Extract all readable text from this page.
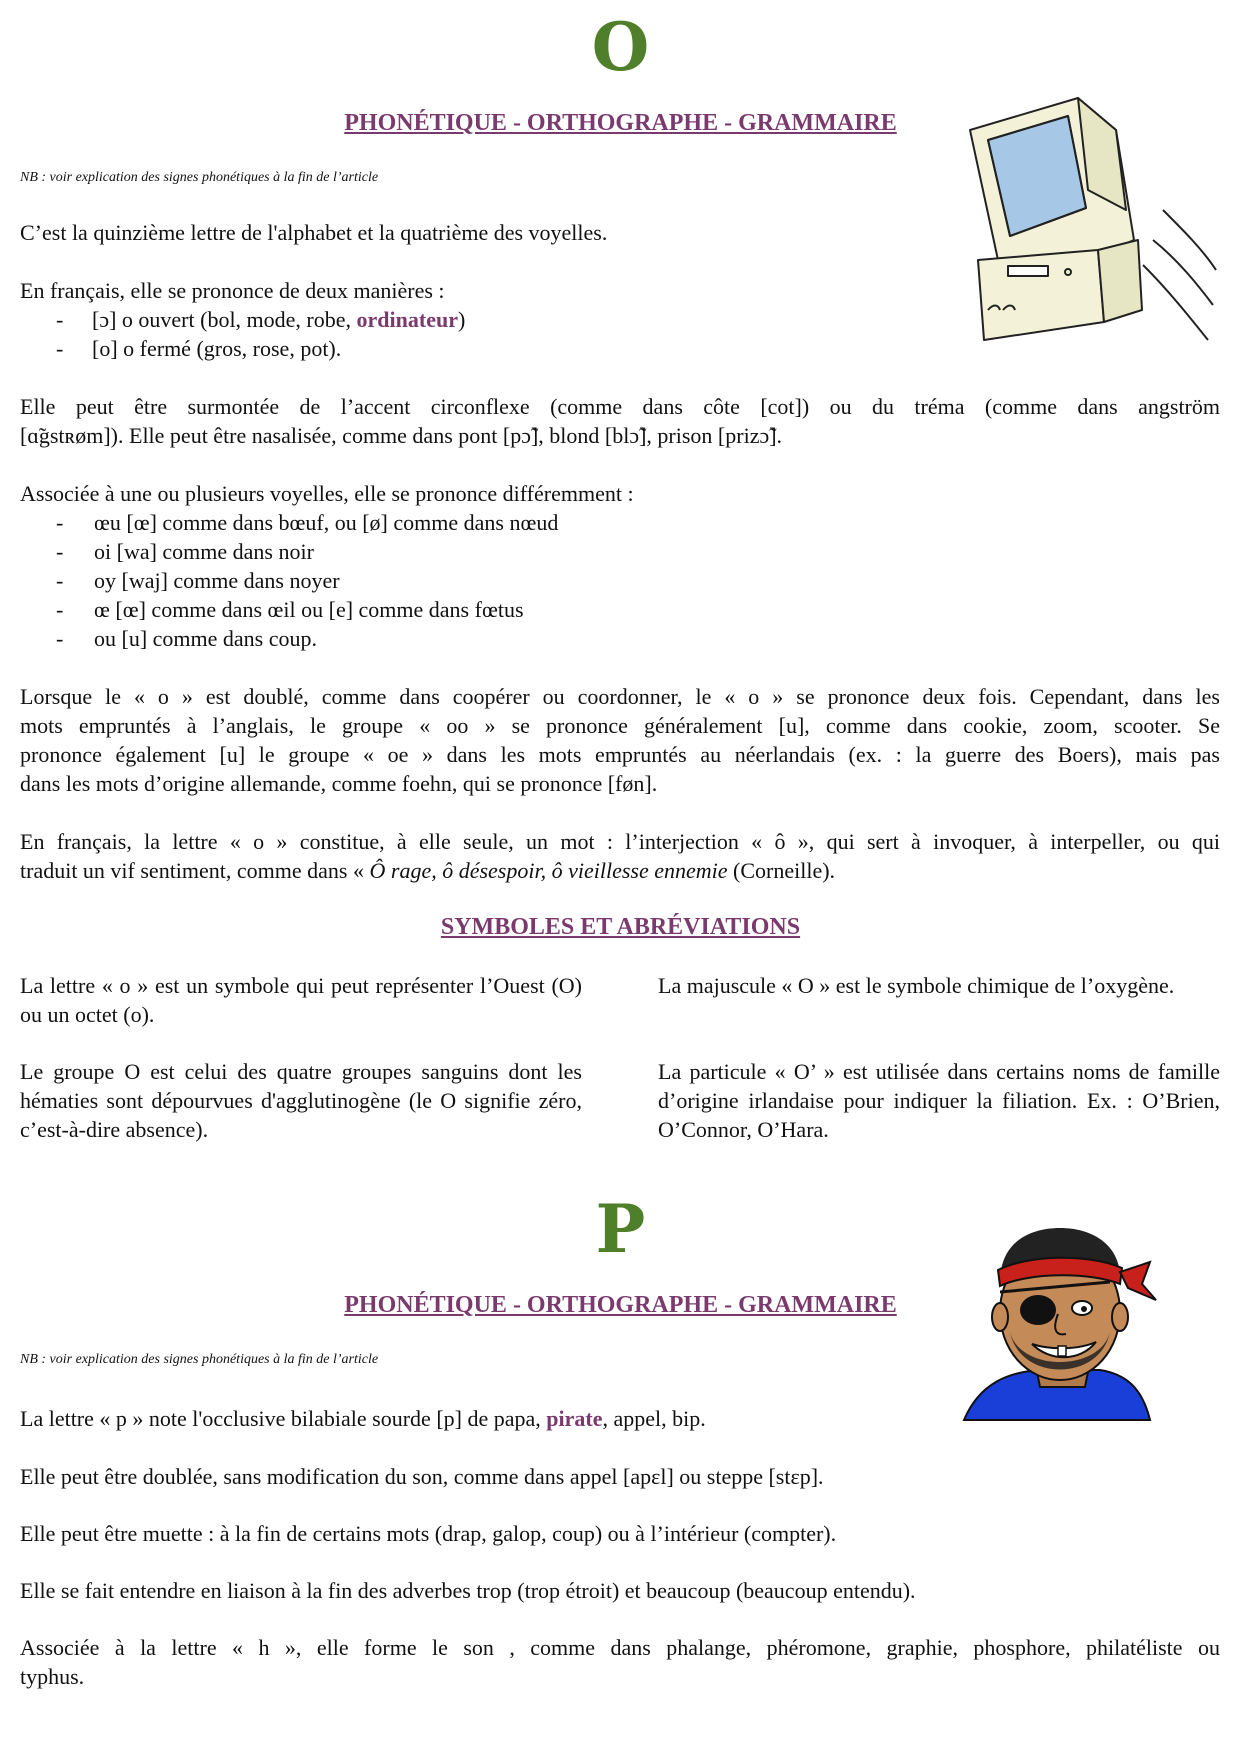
O
PHONÉTIQUE - ORTHOGRAPHE - GRAMMAIRE
NB : voir explication des signes phonétiques à la fin de l’article

C’est la quinzième lettre de l'alphabet et la quatrième des voyelles.

En français, elle se prononce de deux manières :

- [ɔ] o ouvert (bol, mode, robe, ordinateur)
- [o] o fermé (gros, rose, pot).

Elle peut être surmontée de l’accent circonflexe (comme dans côte [cot]) ou du tréma (comme dans angström

[ɑ̃gstʀøm]). Elle peut être nasalisée, comme dans pont [pɔ̃], blond [blɔ̃], prison [prizɔ̃].

Associée à une ou plusieurs voyelles, elle se prononce différemment :

- œu [œ] comme dans bœuf, ou [ø] comme dans nœud
- oi [wa] comme dans noir
- oy [waj] comme dans noyer
- œ [œ] comme dans œil ou [e] comme dans fœtus
- ou [u] comme dans coup.

Lorsque le « o » est doublé, comme dans coopérer ou coordonner, le « o » se prononce deux fois. Cependant, dans les

mots empruntés à l’anglais, le groupe « oo » se prononce généralement [u], comme dans cookie, zoom, scooter. Se

prononce également [u] le groupe « oe » dans les mots empruntés au néerlandais (ex. : la guerre des Boers), mais pas

dans les mots d’origine allemande, comme foehn, qui se prononce [føn].

En français, la lettre « o » constitue, à elle seule, un mot : l’interjection « ô », qui sert à invoquer, à interpeller, ou qui

traduit un vif sentiment, comme dans « Ô rage, ô désespoir, ô vieillesse ennemie (Corneille).

SYMBOLES ET ABRÉVIATIONS

La lettre « o » est un symbole qui peut représenter l’Ouest (O) ou un octet (o).

Le groupe O est celui des quatre groupes sanguins dont les hématies sont dépourvues d'agglutinogène (le O signifie zéro, c’est-à-dire absence).

La majuscule « O » est le symbole chimique de l’oxygène.

La particule « O’ » est utilisée dans certains noms de famille d’origine irlandaise pour indiquer la filiation. Ex. : O’Brien, O’Connor, O’Hara.

P
PHONÉTIQUE - ORTHOGRAPHE - GRAMMAIRE
NB : voir explication des signes phonétiques à la fin de l’article

La lettre « p » note l'occlusive bilabiale sourde [p] de papa, pirate, appel, bip.

Elle peut être doublée, sans modification du son, comme dans appel [apɛl] ou steppe [stɛp].

Elle peut être muette : à la fin de certains mots (drap, galop, coup) ou à l’intérieur (compter).

Elle se fait entendre en liaison à la fin des adverbes trop (trop étroit) et beaucoup (beaucoup entendu).

Associée à la lettre « h », elle forme le son , comme dans phalange, phéromone, graphie, phosphore, philatéliste ou

typhus.
